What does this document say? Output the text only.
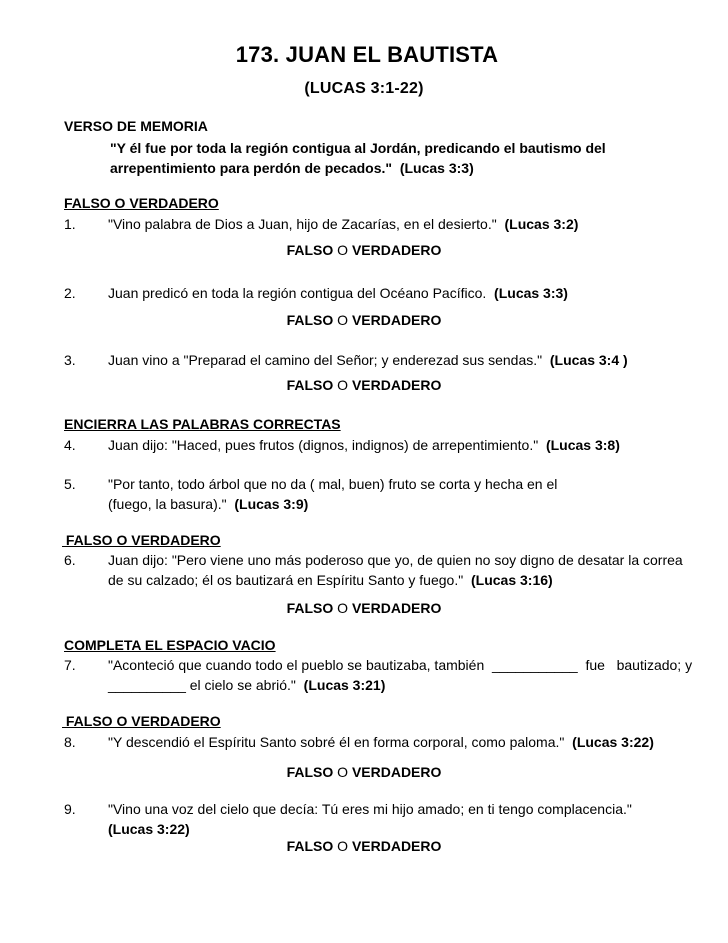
173. JUAN EL BAUTISTA
(LUCAS 3:1-22)
VERSO DE MEMORIA
"Y él fue por toda la región contigua al Jordán, predicando el bautismo del
arrepentimiento para perdón de pecados." (Lucas 3:3)
FALSO O VERDADERO
1. "Vino palabra de Dios a Juan, hijo de Zacarías, en el desierto." (Lucas 3:2)
FALSO O VERDADERO
2. Juan predicó en toda la región contigua del Océano Pacífico. (Lucas 3:3)
FALSO O VERDADERO
3. Juan vino a "Preparad el camino del Señor; y enderezad sus sendas." (Lucas 3:4 )
FALSO O VERDADERO
ENCIERRA LAS PALABRAS CORRECTAS
4. Juan dijo: "Haced, pues frutos (dignos, indignos) de arrepentimiento." (Lucas 3:8)
5. "Por tanto, todo árbol que no da ( mal, buen) fruto se corta y hecha en el
(fuego, la basura)." (Lucas 3:9)
FALSO O VERDADERO
6. Juan dijo: "Pero viene uno más poderoso que yo, de quien no soy digno de desatar la correa
de su calzado; él os bautizará en Espíritu Santo y fuego." (Lucas 3:16)
FALSO O VERDADERO
COMPLETA EL ESPACIO VACIO
7. "Aconteció que cuando todo el pueblo se bautizaba, también  ___________  fue   bautizado; y
__________ el cielo se abrió." (Lucas 3:21)
FALSO O VERDADERO
8. "Y descendió el Espíritu Santo sobré él en forma corporal, como paloma." (Lucas 3:22)
FALSO O VERDADERO
9. "Vino una voz del cielo que decía: Tú eres mi hijo amado; en ti tengo complacencia."
(Lucas 3:22)
FALSO O VERDADERO
